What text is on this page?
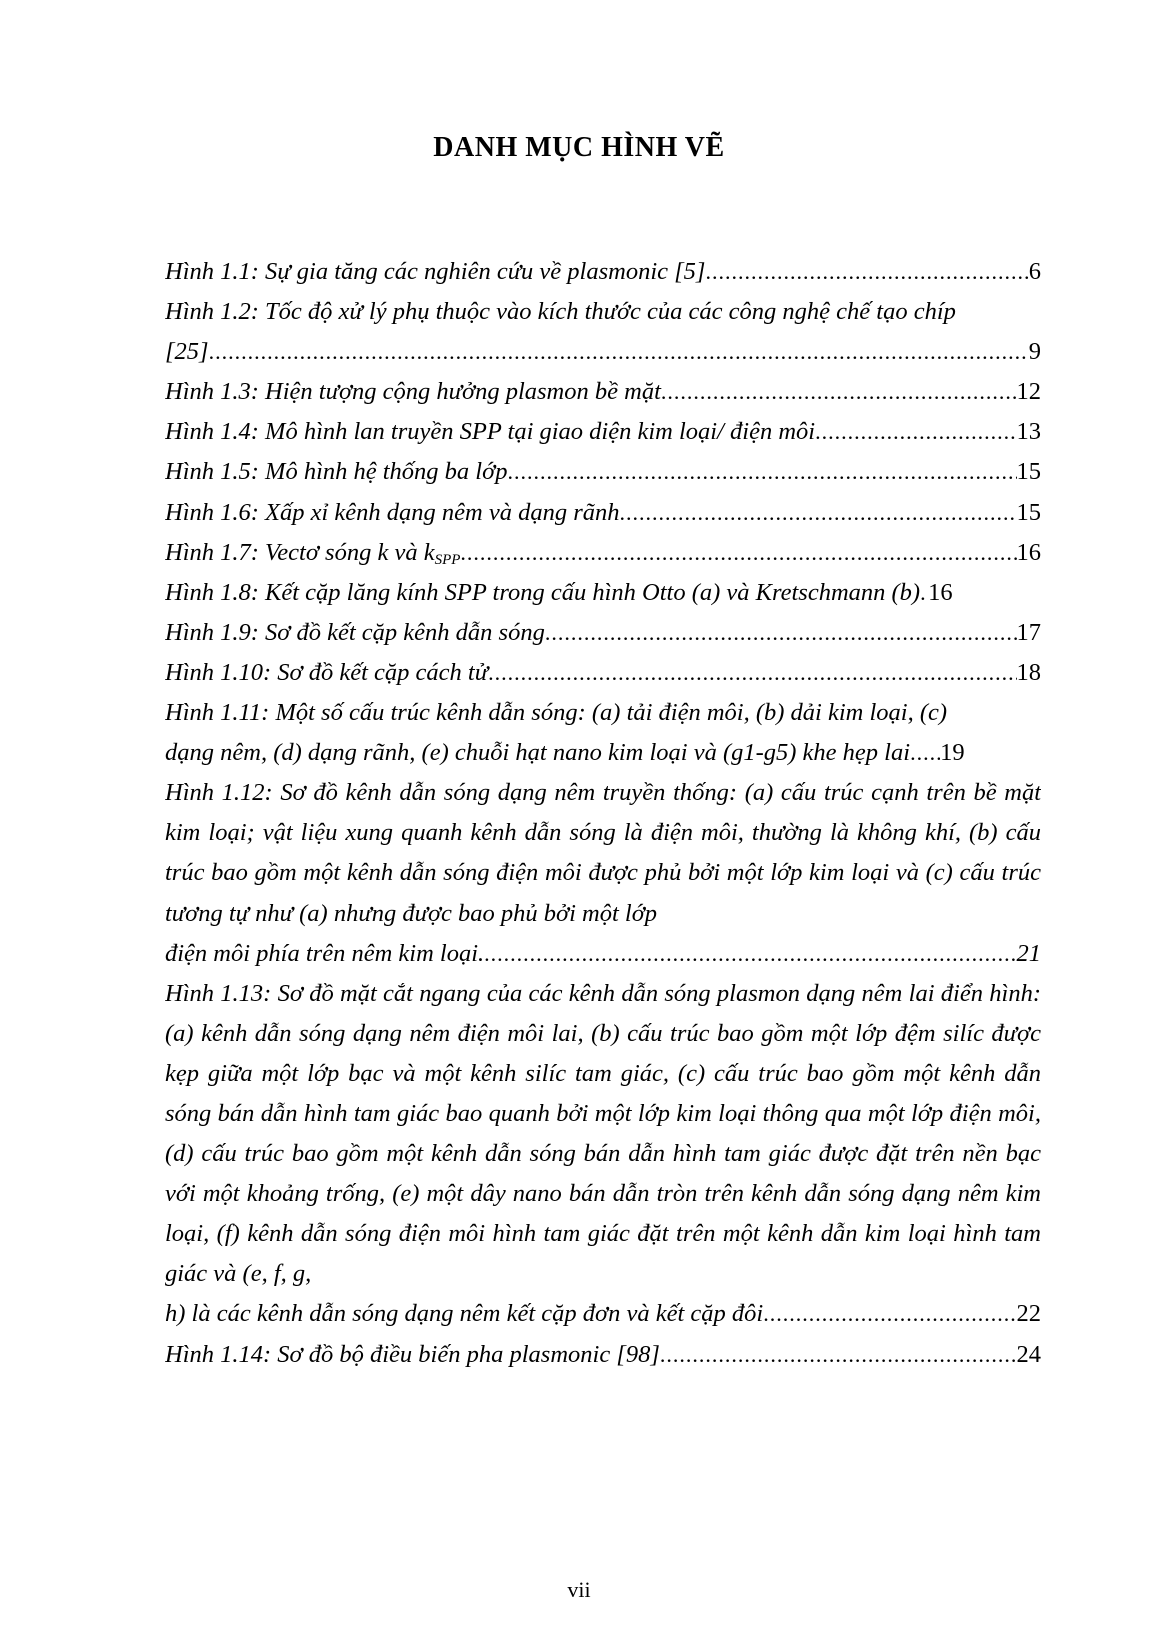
DANH MỤC HÌNH VẼ
Hình 1.1: Sự gia tăng các nghiên cứu về plasmonic [5] .....	6
Hình 1.2: Tốc độ xử lý phụ thuộc vào kích thước của các công nghệ chế tạo chíp
[25] .....	9
Hình 1.3: Hiện tượng cộng hưởng plasmon bề mặt .....	12
Hình 1.4: Mô hình lan truyền SPP tại giao diện kim loại/ điện môi .....	13
Hình 1.5: Mô hình hệ thống ba lớp .....	15
Hình 1.6: Xấp xỉ kênh dạng nêm và dạng rãnh .....	15
Hình 1.7: Vectơ sóng k và $k_{SPP}$ .....	16
Hình 1.8: Kết cặp lăng kính SPP trong cấu hình Otto (a) và Kretschmann (b) ..... 16
Hình 1.9: Sơ đồ kết cặp kênh dẫn sóng .....	17
Hình 1.10: Sơ đồ kết cặp cách tử .....	18
Hình 1.11: Một số cấu trúc kênh dẫn sóng: (a) tải điện môi, (b) dải kim loại, (c)
dạng nêm, (d) dạng rãnh, (e) chuỗi hạt nano kim loại và (g1-g5) khe hẹp lai ..... 19
Hình 1.12: Sơ đồ kênh dẫn sóng dạng nêm truyền thống: (a) cấu trúc cạnh trên bề mặt kim loại; vật liệu xung quanh kênh dẫn sóng là điện môi, thường là không khí, (b) cấu trúc bao gồm một kênh dẫn sóng điện môi được phủ bởi một lớp kim loại và (c) cấu trúc tương tự như (a) nhưng được bao phủ bởi một lớp
điện môi phía trên nêm kim loại. .....	21
Hình 1.13: Sơ đồ mặt cắt ngang của các kênh dẫn sóng plasmon dạng nêm lai điển hình: (a) kênh dẫn sóng dạng nêm điện môi lai, (b) cấu trúc bao gồm một lớp đệm silíc được kẹp giữa một lớp bạc và một kênh silíc tam giác, (c) cấu trúc bao gồm một kênh dẫn sóng bán dẫn hình tam giác bao quanh bởi một lớp kim loại thông qua một lớp điện môi, (d) cấu trúc bao gồm một kênh dẫn sóng bán dẫn hình tam giác được đặt trên nền bạc với một khoảng trống, (e) một dây nano bán dẫn tròn trên kênh dẫn sóng dạng nêm kim loại, (f) kênh dẫn sóng điện môi hình tam giác đặt trên một kênh dẫn kim loại hình tam giác và (e, f, g,
h) là các kênh dẫn sóng dạng nêm kết cặp đơn và kết cặp đôi .....	22
Hình 1.14: Sơ đồ bộ điều biến pha plasmonic [98] .....	24
vii
